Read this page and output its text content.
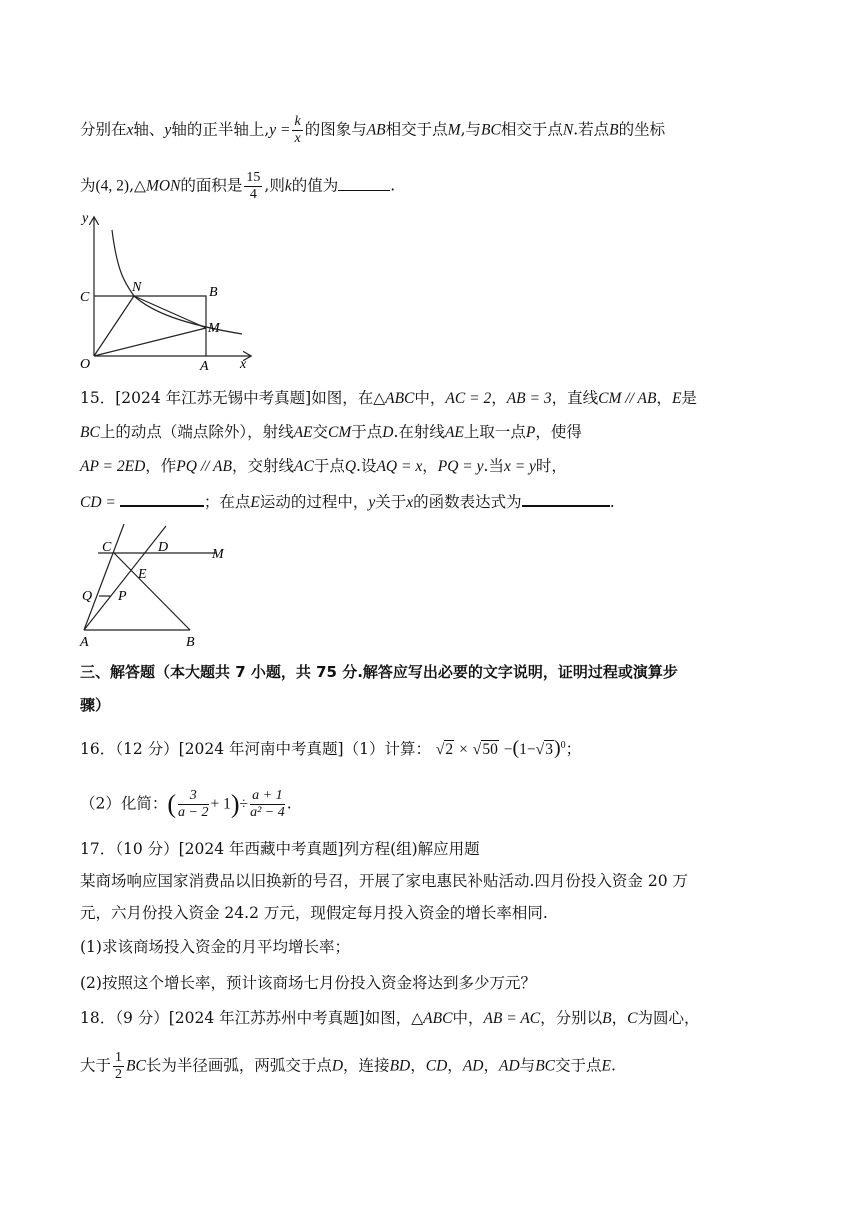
分别在x轴、y轴的正半轴上$,y = \frac{k}{x}$ 的图象与AB相交于点M,与BC相交于点N.若点B的坐标
为(4, 2),△MON的面积是 $\frac{15}{4}$ ,则k的值为	.
y
x
O	A
B
C
N
M
15．[2024 年江苏无锡中考真题]如图，在△ABC中，AC = 2，AB = 3，直线CM // AB，E是
BC上的动点（端点除外），射线AE交CM于点D.在射线AE上取一点P，使得
AP = 2ED，作PQ // AB，交射线AC于点Q.设AQ = x，PQ = y.当x = y时，
CD =	；在点E运动的过程中，y关于x的函数表达式为	.
C	D	M
E
Q P
A	B
三、解答题（本大题共 7 小题，共 75 分.解答应写出必要的文字说明，证明过程或演算步
骤）
16．（12 分）[2024 年河南中考真题]（1）计算： $√2 \times √50 -(1-√3)^0$；
（2）化简：( $\frac{3}{a - 2} + 1)\div \frac{a + 1}{\text{a² − 4}}$ .
17．（10 分）[2024 年西藏中考真题]列方程(组)解应用题
某商场响应国家消费品以旧换新的号召，开展了家电惠民补贴活动.四月份投入资金 20 万
元，六月份投入资金 24.2 万元，现假定每月投入资金的增长率相同.
(1)求该商场投入资金的月平均增长率；
(2)按照这个增长率，预计该商场七月份投入资金将达到多少万元？
18．（9 分）[2024 年江苏苏州中考真题]如图，△ABC中，AB = AC，分别以B，C为圆心，
大于 $\frac{1}{2}$ BC长为半径画弧，两弧交于点D，连接BD，CD，AD，AD与BC交于点E.
